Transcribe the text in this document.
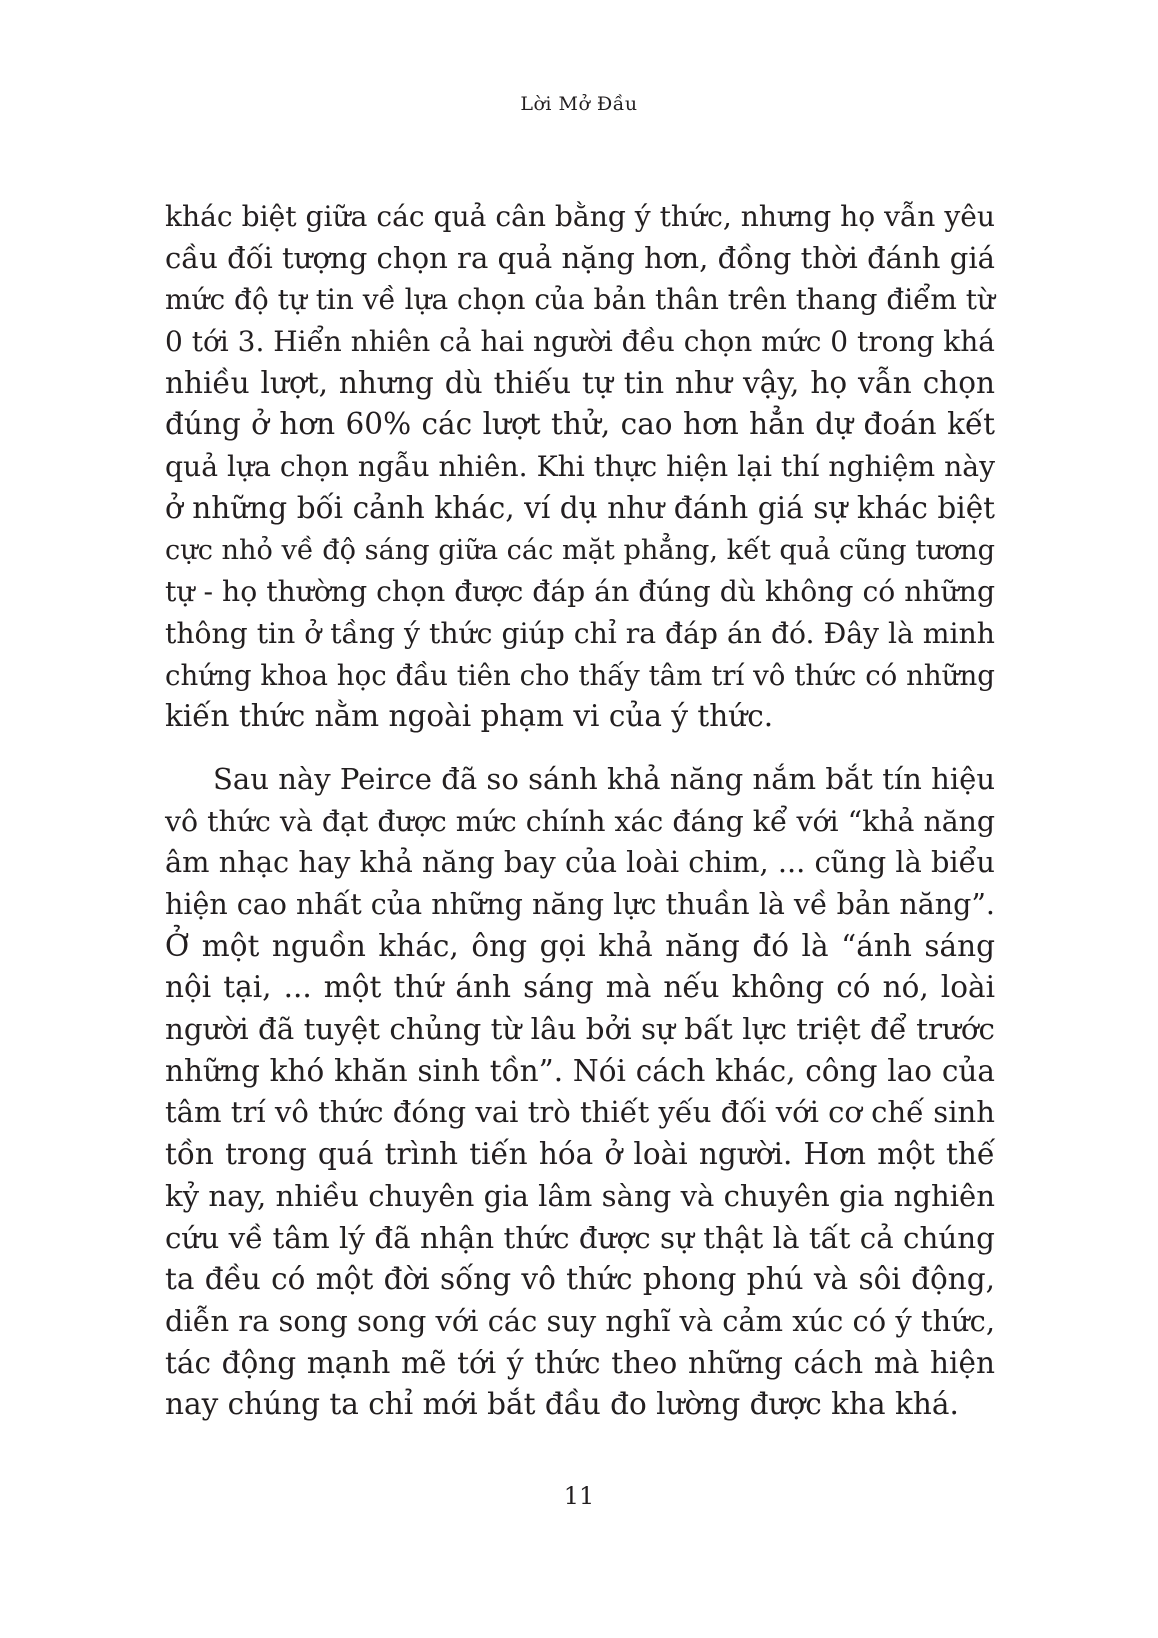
Lời Mở Đầu
khác biệt giữa các quả cân bằng ý thức, nhưng họ vẫn yêu
cầu đối tượng chọn ra quả nặng hơn, đồng thời đánh giá
mức độ tự tin về lựa chọn của bản thân trên thang điểm từ
0 tới 3. Hiển nhiên cả hai người đều chọn mức 0 trong khá
nhiều lượt, nhưng dù thiếu tự tin như vậy, họ vẫn chọn
đúng ở hơn 60% các lượt thử, cao hơn hẳn dự đoán kết
quả lựa chọn ngẫu nhiên. Khi thực hiện lại thí nghiệm này
ở những bối cảnh khác, ví dụ như đánh giá sự khác biệt
cực nhỏ về độ sáng giữa các mặt phẳng, kết quả cũng tương
tự - họ thường chọn được đáp án đúng dù không có những
thông tin ở tầng ý thức giúp chỉ ra đáp án đó. Đây là minh
chứng khoa học đầu tiên cho thấy tâm trí vô thức có những
kiến thức nằm ngoài phạm vi của ý thức.
Sau này Peirce đã so sánh khả năng nắm bắt tín hiệu
vô thức và đạt được mức chính xác đáng kể với “khả năng
âm nhạc hay khả năng bay của loài chim, ... cũng là biểu
hiện cao nhất của những năng lực thuần là về bản năng”.
Ở một nguồn khác, ông gọi khả năng đó là “ánh sáng
nội tại, ... một thứ ánh sáng mà nếu không có nó, loài
người đã tuyệt chủng từ lâu bởi sự bất lực triệt để trước
những khó khăn sinh tồn”. Nói cách khác, công lao của
tâm trí vô thức đóng vai trò thiết yếu đối với cơ chế sinh
tồn trong quá trình tiến hóa ở loài người. Hơn một thế
kỷ nay, nhiều chuyên gia lâm sàng và chuyên gia nghiên
cứu về tâm lý đã nhận thức được sự thật là tất cả chúng
ta đều có một đời sống vô thức phong phú và sôi động,
diễn ra song song với các suy nghĩ và cảm xúc có ý thức,
tác động mạnh mẽ tới ý thức theo những cách mà hiện
nay chúng ta chỉ mới bắt đầu đo lường được kha khá.
11
